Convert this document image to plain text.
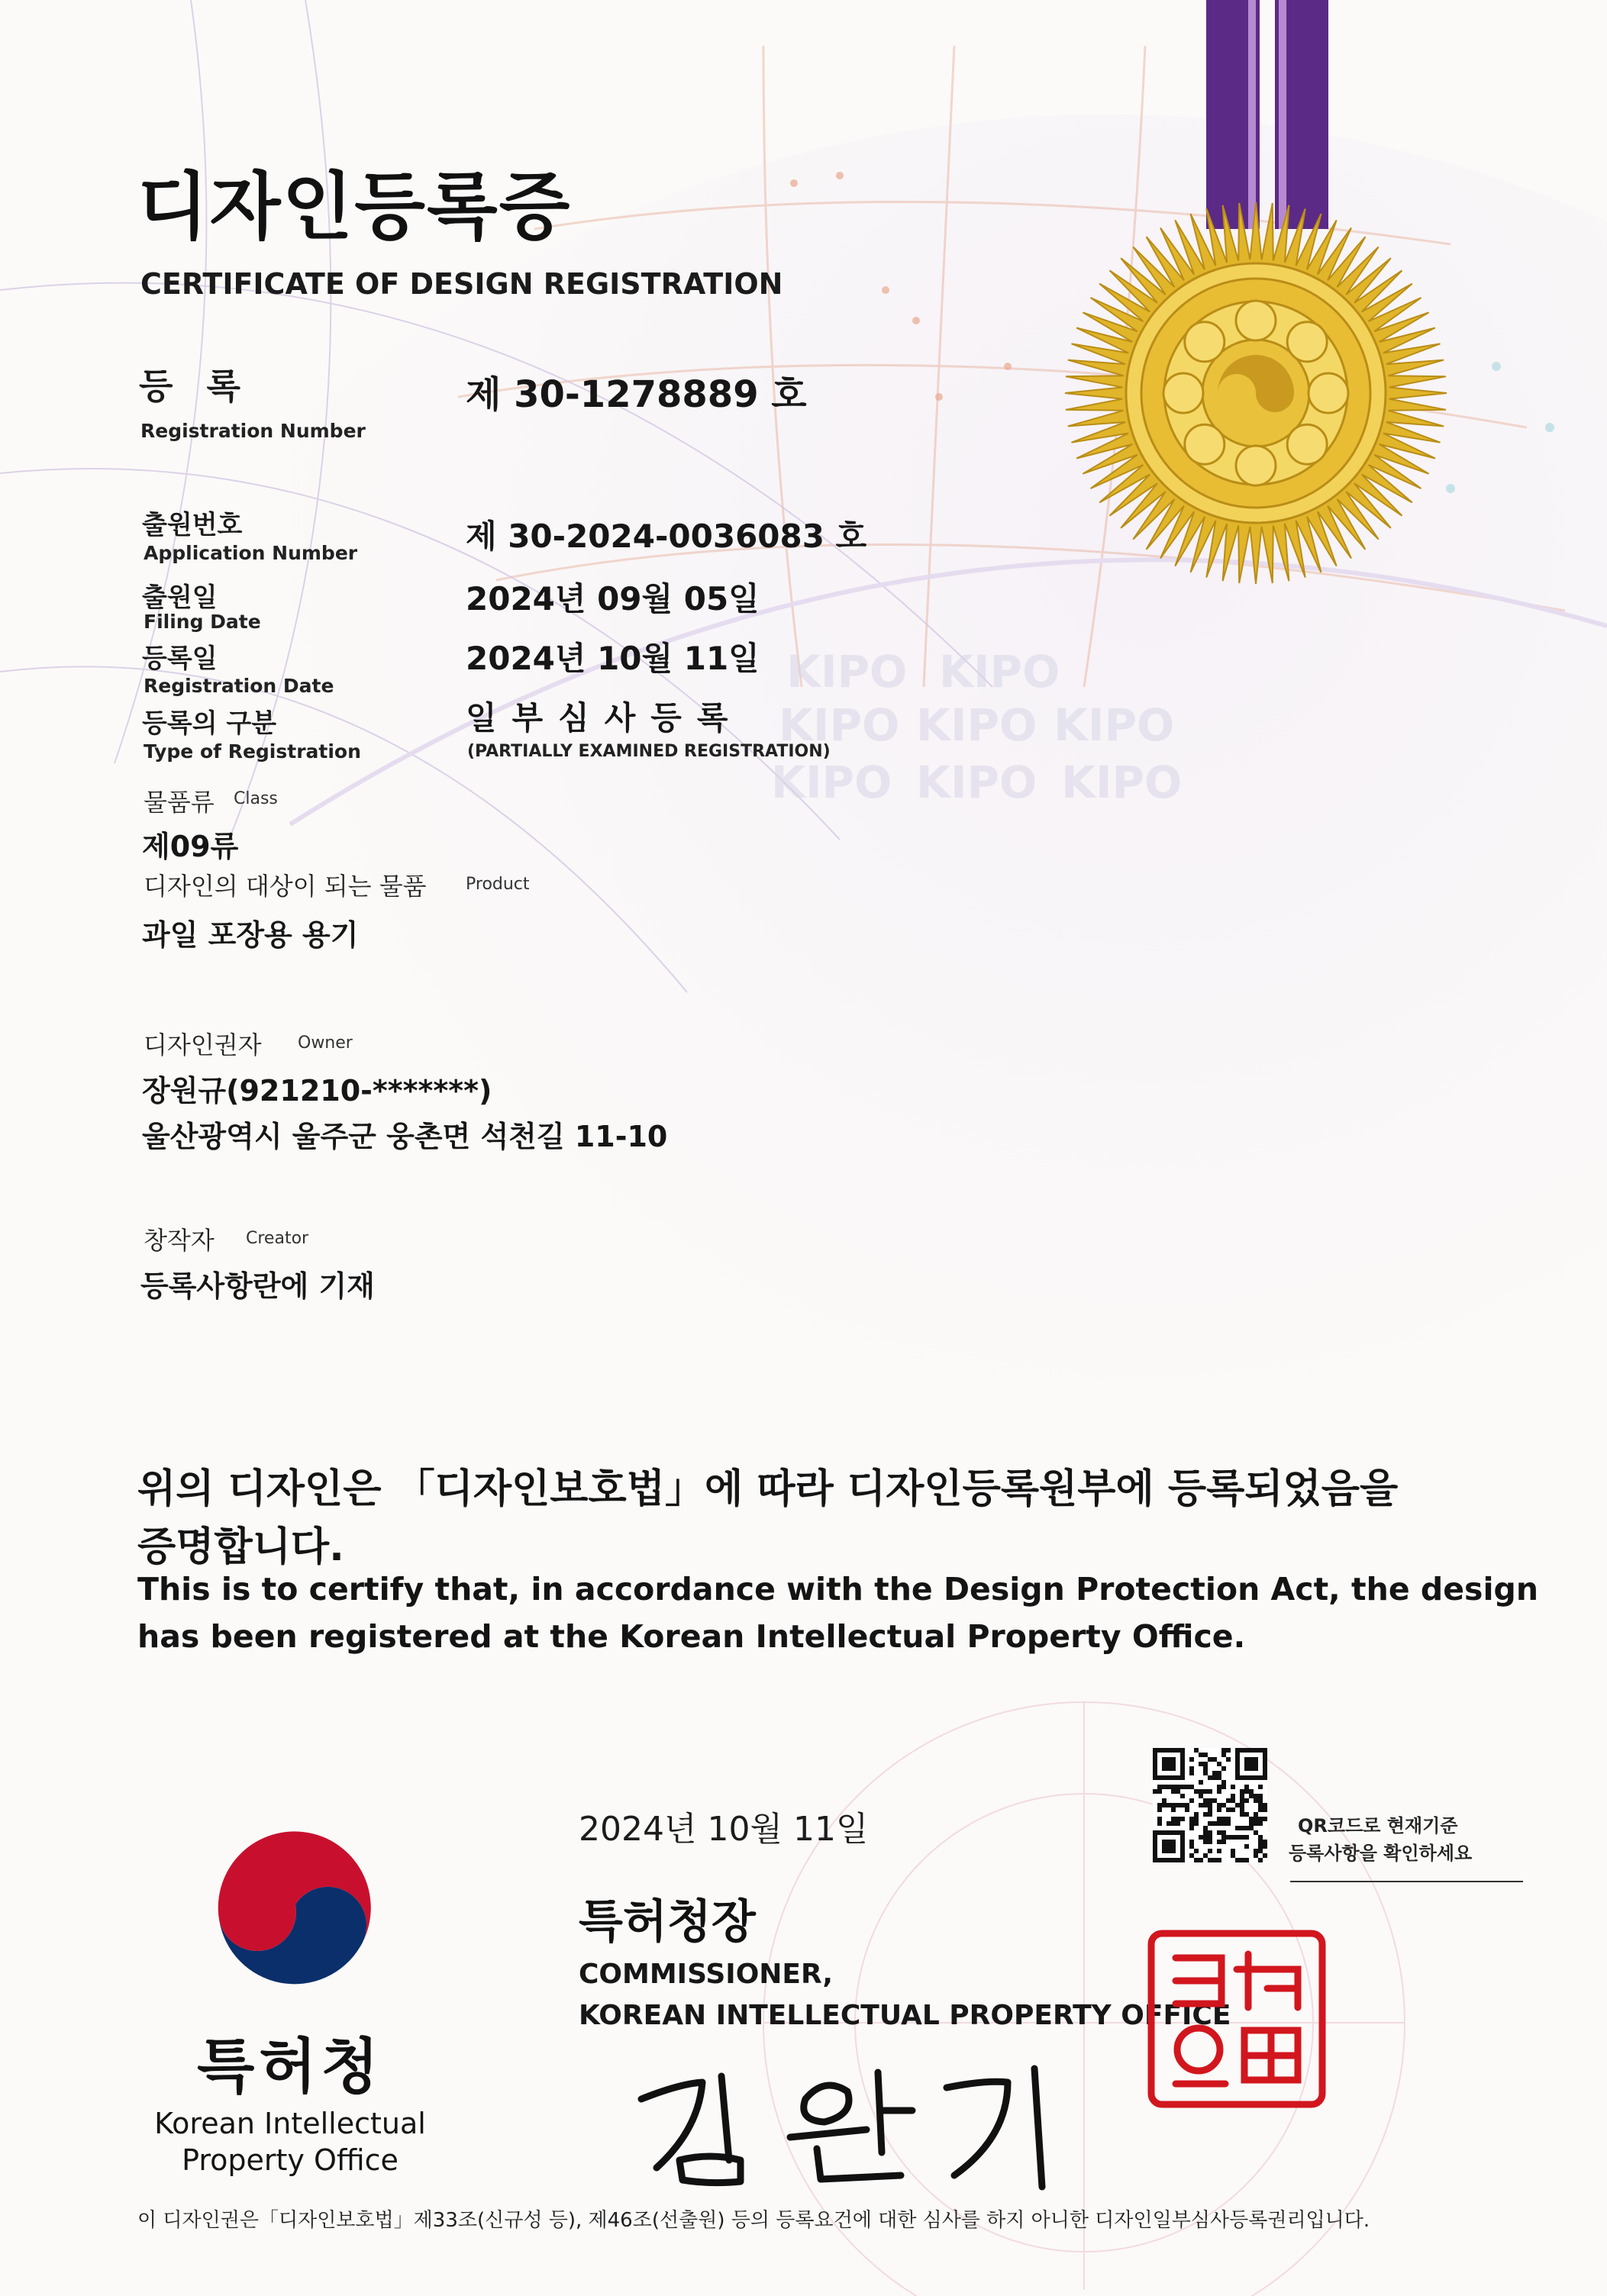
KIPO KIPO
KIPO KIPO KIPO
KIPO KIPO KIPO
디자인등록증
CERTIFICATE OF DESIGN REGISTRATION
등 록
Registration Number
제 30-1278889 호
출원번호
Application Number	제 30-2024-0036083 호
출원일
Filing Date
2024년 09월 05일
등록일
Registration Date
2024년 10월 11일
등록의 구분
Type of Registration
일부심사등록
(PARTIALLY EXAMINED REGISTRATION)
물품류 Class
제09류
디자인의 대상이 되는 물품 Product
과일 포장용 용기
디자인권자 Owner
장원규(921210-*******)
울산광역시 울주군 웅촌면 석천길 11-10
창작자 Creator
등록사항란에 기재
위의 디자인은 「디자인보호법」에 따라 디자인등록원부에 등록되었음을
증명합니다.
This is to certify that, in accordance with the Design Protection Act, the design
has been registered at the Korean Intellectual Property Office.
QR코드로 현재기준
등록사항을 확인하세요
2024년 10월 11일
특허청장
COMMISSIONER,
KOREAN INTELLECTUAL PROPERTY OFFICE
특허청
Korean Intellectual
Property Office
이 디자인권은「디자인보호법」제33조(신규성 등), 제46조(선출원) 등의 등록요건에 대한 심사를 하지 아니한 디자인일부심사등록권리입니다.
